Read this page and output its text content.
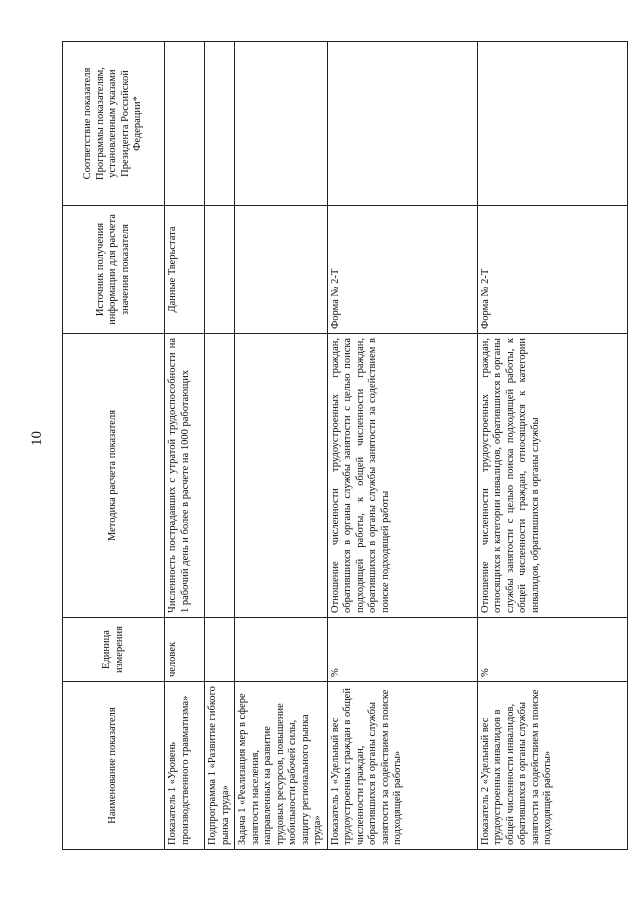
10
Наименование показателя	Единица измерения	Методика расчета показателя	Источник получения информации для расчета значения показателя	Соответствие показателя Программы показателям, установленным указами Президента Российской Федерации*
Показатель 1 «Уровень производственного травматизма»	человек	Численность пострадавших с утратой трудоспособности на 1 рабочий день и более в расчете на 1000 работающих	Данные Тверьстата	
Подпрограмма 1 «Развитие гибкого рынка труда»				
Задача 1 «Реализация мер в сфере занятости населения, направленных на развитие трудовых ресурсов, повышение мобильности рабочей силы, защиту регионального рынка труда»				
Показатель 1 «Удельный вес трудоустроенных граждан в общей численности граждан, обратившихся в органы службы занятости за содействием в поиске подходящей работы»	%	Отношение численности трудоустроенных граждан, обратившихся в органы службы занятости с целью поиска подходящей работы, к общей численности граждан, обратившихся в органы службы занятости за содействием в поиске подходящей работы	Форма № 2-Т	
Показатель 2 «Удельный вес трудоустроенных инвалидов в общей численности инвалидов, обратившихся в органы службы занятости за содействием в поиске подходящей работы»	%	Отношение численности трудоустроенных граждан, относящихся к категории инвалидов, обратившихся в органы службы занятости с целью поиска подходящей работы, к общей численности граждан, относящихся к категории инвалидов, обратившихся в органы службы	Форма № 2-Т	
